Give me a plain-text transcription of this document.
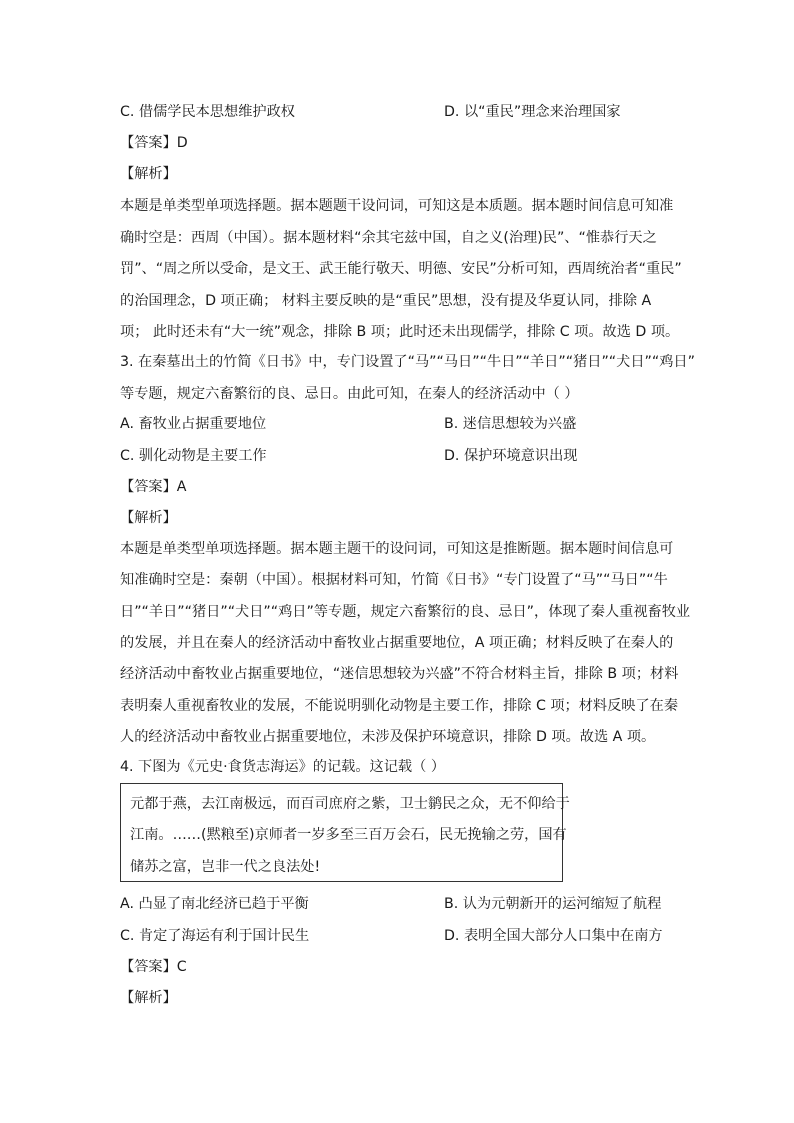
C. 借儒学民本思想维护政权	D. 以“重民”理念来治理国家
【答案】D
【解析】
本题是单类型单项选择题。据本题题干设问词，可知这是本质题。据本题时间信息可知准
确时空是：西周（中国）。据本题材料“余其宅兹中国，自之义(治理)民”、“惟恭行天之
罚”、“周之所以受命，是文王、武王能行敬天、明德、安民”分析可知，西周统治者“重民”
的治国理念，D 项正确； 材料主要反映的是“重民”思想，没有提及华夏认同，排除 A
项； 此时还未有“大一统”观念，排除 B 项；此时还未出现儒学，排除 C 项。故选 D 项。
3. 在秦墓出土的竹简《日书》中，专门设置了“马”“马日”“牛日”“羊日”“猪日”“犬日”“鸡日”
等专题，规定六畜繁衍的良、忌日。由此可知，在秦人的经济活动中（ ）
A. 畜牧业占据重要地位	B. 迷信思想较为兴盛
C. 驯化动物是主要工作	D. 保护环境意识出现
【答案】A
【解析】
本题是单类型单项选择题。据本题主题干的设问词，可知这是推断题。据本题时间信息可
知准确时空是：秦朝（中国）。根据材料可知，竹简《日书》“专门设置了“马”“马日”“牛
日”“羊日”“猪日”“犬日”“鸡日”等专题，规定六畜繁衍的良、忌日”，体现了秦人重视畜牧业
的发展，并且在秦人的经济活动中畜牧业占据重要地位，A 项正确；材料反映了在秦人的
经济活动中畜牧业占据重要地位，“迷信思想较为兴盛”不符合材料主旨，排除 B 项；材料
表明秦人重视畜牧业的发展，不能说明驯化动物是主要工作，排除 C 项；材料反映了在秦
人的经济活动中畜牧业占据重要地位，未涉及保护环境意识，排除 D 项。故选 A 项。
4. 下图为《元史·食货志海运》的记载。这记载（ ）
元都于燕，去江南极远，而百司庶府之紫，卫士鹟民之众，无不仰给于
江南。……(黙粮至)京师者一岁多至三百万会石，民无挽输之劳，国有
储苏之富，岂非一代之良法处!
A. 凸显了南北经济已趋于平衡	B. 认为元朝新开的运河缩短了航程
C. 肯定了海运有利于国计民生	D. 表明全国大部分人口集中在南方
【答案】C
【解析】
